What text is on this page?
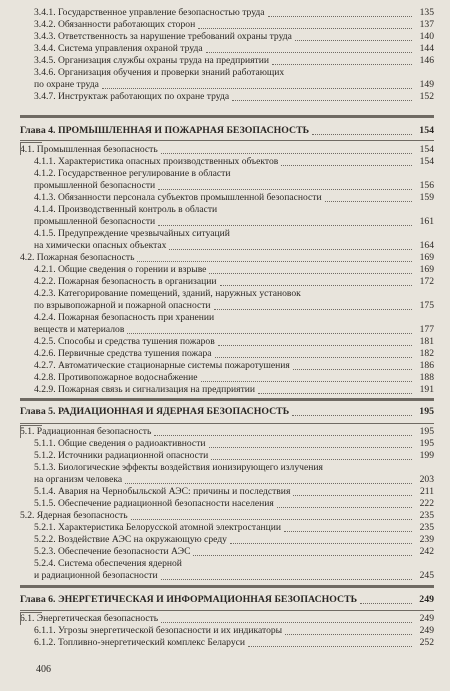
3.4.1. Государственное управление безопасностью труда	135
3.4.2. Обязанности работающих сторон	137
3.4.3. Ответственность за нарушение требований охраны труда	140
3.4.4. Система управления охраной труда	144
3.4.5. Организация службы охраны труда на предприятии	146
3.4.6. Организация обучения и проверки знаний работающих
по охране труда	149
3.4.7. Инструктаж работающих по охране труда	152
Глава 4. ПРОМЫШЛЕННАЯ И ПОЖАРНАЯ БЕЗОПАСНОСТЬ	154
4.1. Промышленная безопасность	154
4.1.1. Характеристика опасных производственных объектов	154
4.1.2. Государственное регулирование в области
промышленной безопасности	156
4.1.3. Обязанности персонала субъектов промышленной безопасности	159
4.1.4. Производственный контроль в области
промышленной безопасности	161
4.1.5. Предупреждение чрезвычайных ситуаций
на химически опасных объектах	164
4.2. Пожарная безопасность	169
4.2.1. Общие сведения о горении и взрыве	169
4.2.2. Пожарная безопасность в организации	172
4.2.3. Категорирование помещений, зданий, наружных установок
по взрывопожарной и пожарной опасности	175
4.2.4. Пожарная безопасность при хранении
веществ и материалов	177
4.2.5. Способы и средства тушения пожаров	181
4.2.6. Первичные средства тушения пожара	182
4.2.7. Автоматические стационарные системы пожаротушения	186
4.2.8. Противопожарное водоснабжение	188
4.2.9. Пожарная связь и сигнализация на предприятии	191
Глава 5. РАДИАЦИОННАЯ И ЯДЕРНАЯ БЕЗОПАСНОСТЬ	195
5.1. Радиационная безопасность	195
5.1.1. Общие сведения о радиоактивности	195
5.1.2. Источники радиационной опасности	199
5.1.3. Биологические эффекты воздействия ионизирующего излучения
на организм человека	203
5.1.4. Авария на Чернобыльской АЭС: причины и последствия	211
5.1.5. Обеспечение радиационной безопасности населения	222
5.2. Ядерная безопасность	235
5.2.1. Характеристика Белорусской атомной электростанции	235
5.2.2. Воздействие АЭС на окружающую среду	239
5.2.3. Обеспечение безопасности АЭС	242
5.2.4. Система обеспечения ядерной
и радиационной безопасности	245
Глава 6. ЭНЕРГЕТИЧЕСКАЯ И ИНФОРМАЦИОННАЯ БЕЗОПАСНОСТЬ	249
6.1. Энергетическая безопасность	249
6.1.1. Угрозы энергетической безопасности и их индикаторы	249
6.1.2. Топливно-энергетический комплекс Беларуси	252
406
